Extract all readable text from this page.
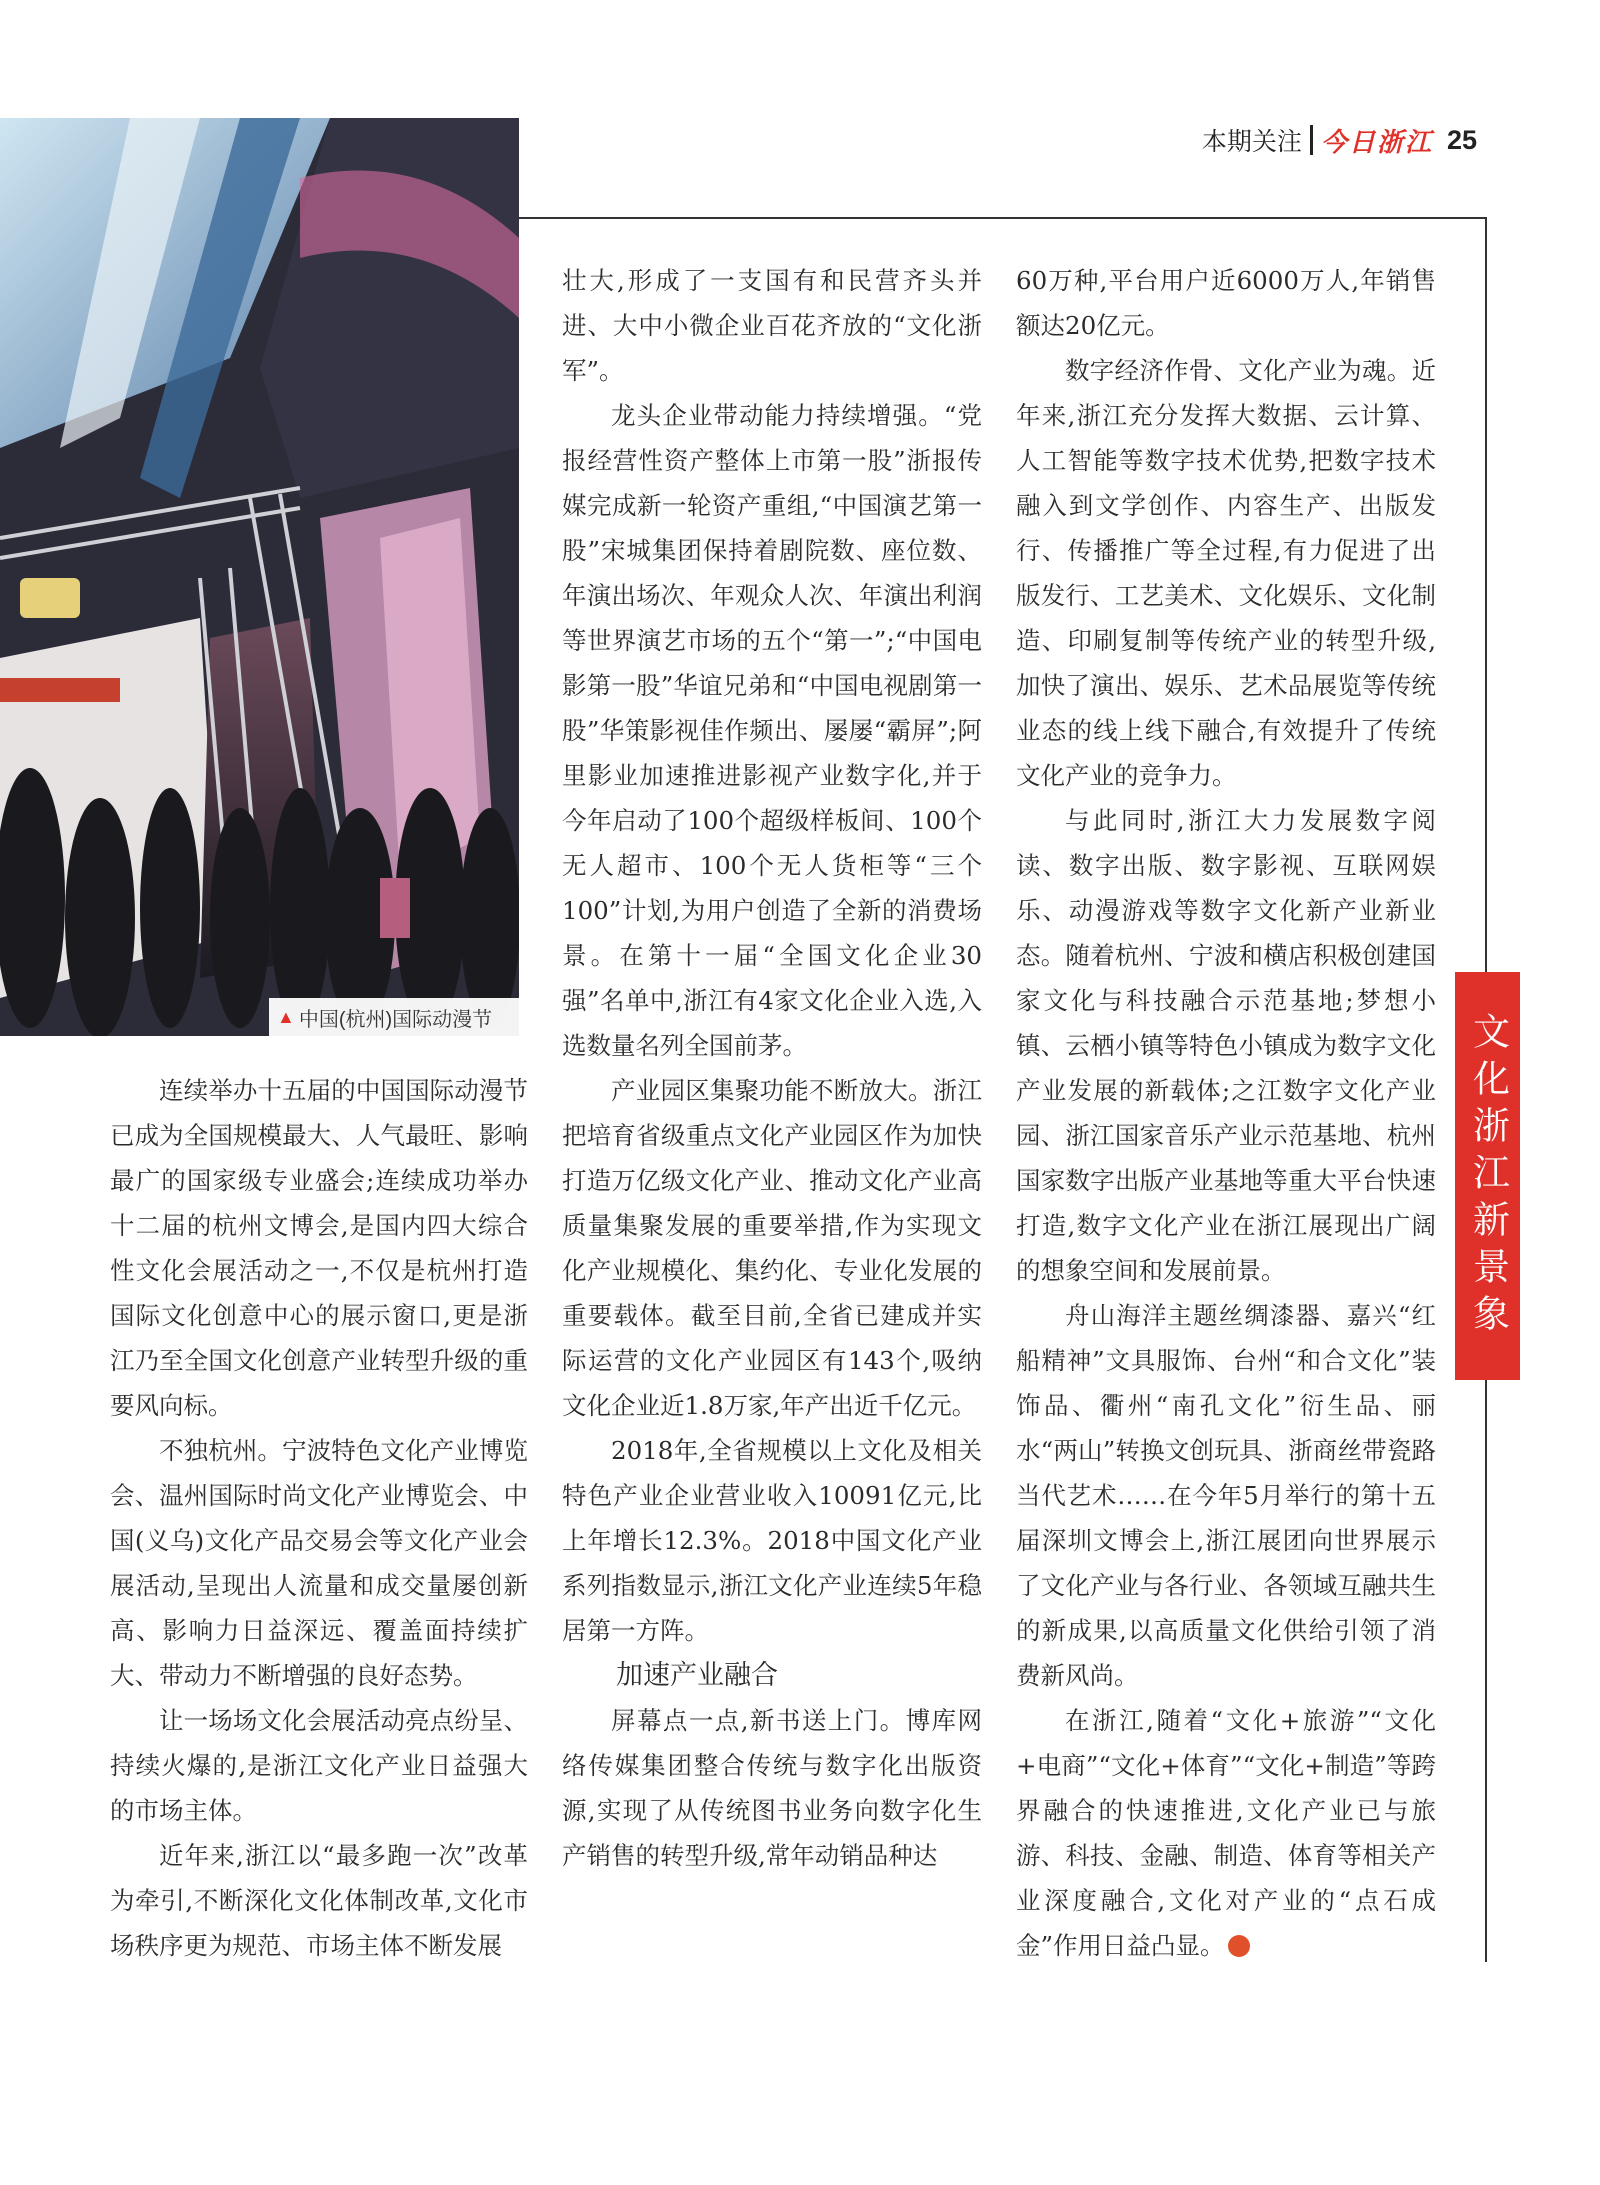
本期关注 今日浙江 25
▲ 中国(杭州)国际动漫节

连续举办十五届的中国国际动漫节已成为全国规模最大、人气最旺、影响最广的国家级专业盛会;连续成功举办十二届的杭州文博会,是国内四大综合性文化会展活动之一,不仅是杭州打造国际文化创意中心的展示窗口,更是浙江乃至全国文化创意产业转型升级的重要风向标。

不独杭州。宁波特色文化产业博览会、温州国际时尚文化产业博览会、中国(义乌)文化产品交易会等文化产业会展活动,呈现出人流量和成交量屡创新高、影响力日益深远、覆盖面持续扩大、带动力不断增强的良好态势。

让一场场文化会展活动亮点纷呈、持续火爆的,是浙江文化产业日益强大的市场主体。

近年来,浙江以“最多跑一次”改革为牵引,不断深化文化体制改革,文化市场秩序更为规范、市场主体不断发展

壮大,形成了一支国有和民营齐头并进、大中小微企业百花齐放的“文化浙军”。

龙头企业带动能力持续增强。“党报经营性资产整体上市第一股”浙报传媒完成新一轮资产重组,“中国演艺第一股”宋城集团保持着剧院数、座位数、年演出场次、年观众人次、年演出利润等世界演艺市场的五个“第一”;“中国电影第一股”华谊兄弟和“中国电视剧第一股”华策影视佳作频出、屡屡“霸屏”;阿里影业加速推进影视产业数字化,并于今年启动了100个超级样板间、100个无人超市、100个无人货柜等“三个100”计划,为用户创造了全新的消费场景。在第十一届“全国文化企业30强”名单中,浙江有4家文化企业入选,入选数量名列全国前茅。

产业园区集聚功能不断放大。浙江把培育省级重点文化产业园区作为加快打造万亿级文化产业、推动文化产业高质量集聚发展的重要举措,作为实现文化产业规模化、集约化、专业化发展的重要载体。截至目前,全省已建成并实际运营的文化产业园区有143个,吸纳文化企业近1.8万家,年产出近千亿元。

2018年,全省规模以上文化及相关特色产业企业营业收入10091亿元,比上年增长12.3%。2018中国文化产业系列指数显示,浙江文化产业连续5年稳居第一方阵。

加速产业融合

屏幕点一点,新书送上门。博库网络传媒集团整合传统与数字化出版资源,实现了从传统图书业务向数字化生产销售的转型升级,常年动销品种达

60万种,平台用户近6000万人,年销售额达20亿元。

数字经济作骨、文化产业为魂。近年来,浙江充分发挥大数据、云计算、人工智能等数字技术优势,把数字技术融入到文学创作、内容生产、出版发行、传播推广等全过程,有力促进了出版发行、工艺美术、文化娱乐、文化制造、印刷复制等传统产业的转型升级,加快了演出、娱乐、艺术品展览等传统业态的线上线下融合,有效提升了传统文化产业的竞争力。

与此同时,浙江大力发展数字阅读、数字出版、数字影视、互联网娱乐、动漫游戏等数字文化新产业新业态。随着杭州、宁波和横店积极创建国家文化与科技融合示范基地;梦想小镇、云栖小镇等特色小镇成为数字文化产业发展的新载体;之江数字文化产业园、浙江国家音乐产业示范基地、杭州国家数字出版产业基地等重大平台快速打造,数字文化产业在浙江展现出广阔的想象空间和发展前景。

舟山海洋主题丝绸漆器、嘉兴“红船精神”文具服饰、台州“和合文化”装饰品、衢州“南孔文化”衍生品、丽水“两山”转换文创玩具、浙商丝带瓷路当代艺术……在今年5月举行的第十五届深圳文博会上,浙江展团向世界展示了文化产业与各行业、各领域互融共生的新成果,以高质量文化供给引领了消费新风尚。

在浙江,随着“文化+旅游”“文化+电商”“文化+体育”“文化+制造”等跨界融合的快速推进,文化产业已与旅游、科技、金融、制造、体育等相关产业深度融合,文化对产业的“点石成金”作用日益凸显。

文化浙江新景象
